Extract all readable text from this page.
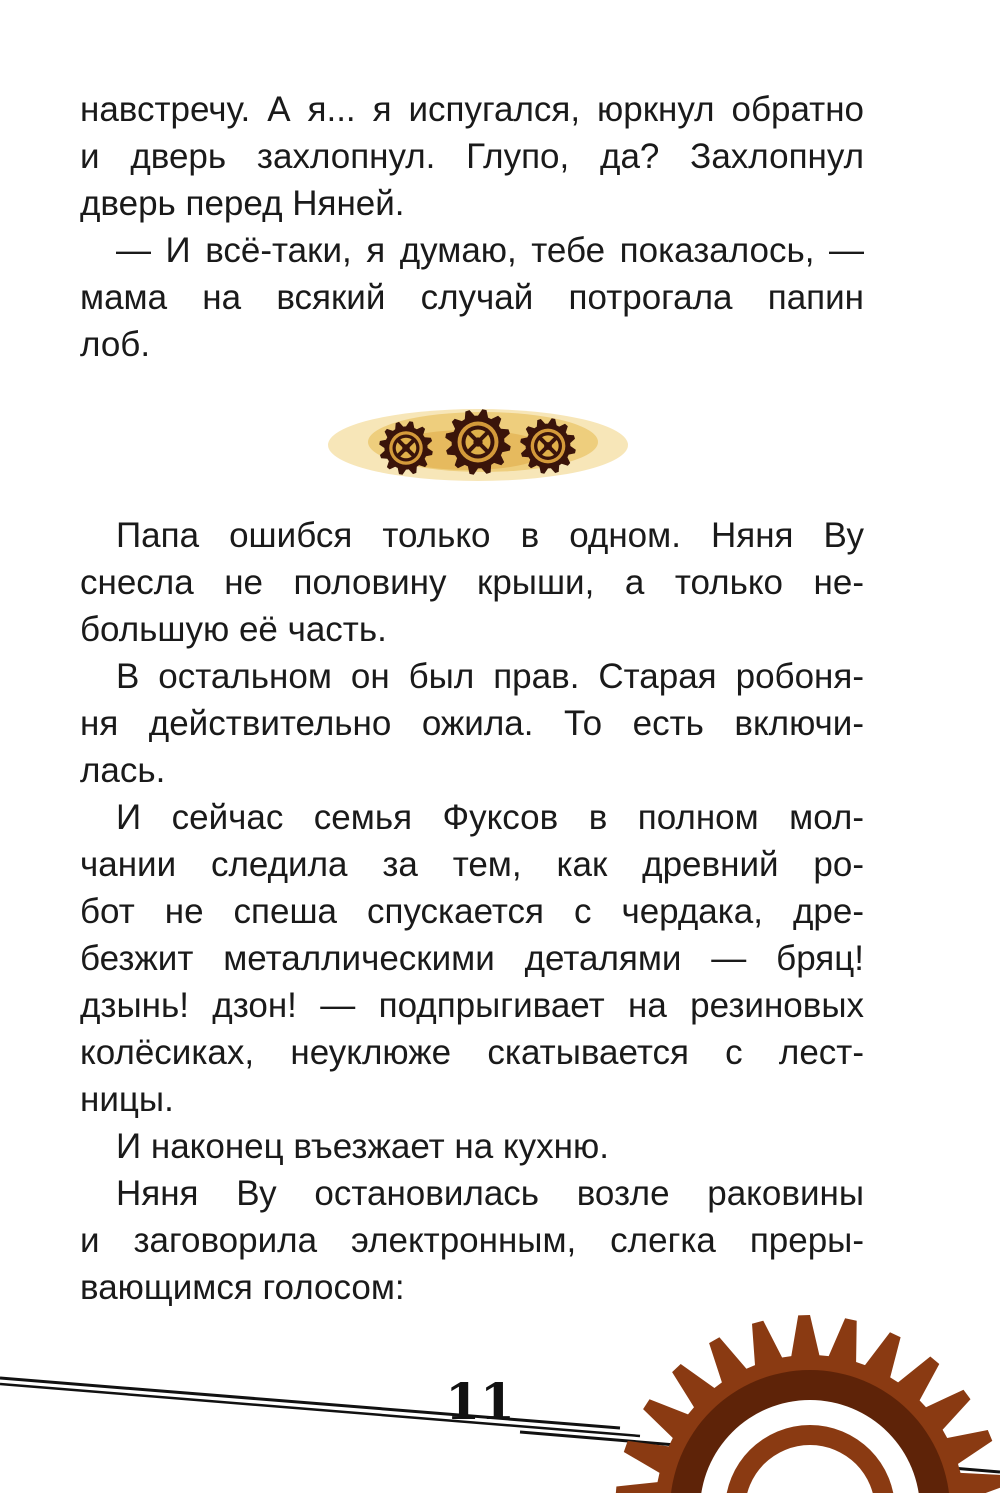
навстречу. А я... я испугался, юркнул обратно
и дверь захлопнул. Глупо, да? Захлопнул
дверь перед Няней.
— И всё-таки, я думаю, тебе показалось, —
мама на всякий случай потрогала папин
лоб.
Папа ошибся только в одном. Няня Ву
снесла не половину крыши, а только не-
большую её часть.
В остальном он был прав. Старая робоня-
ня действительно ожила. То есть включи-
лась.
И сейчас семья Фуксов в полном мол-
чании следила за тем, как древний ро-
бот не спеша спускается с чердака, дре-
безжит металлическими деталями — бряц!
дзынь! дзон! — подпрыгивает на резиновых
колёсиках, неуклюже скатывается с лест-
ницы.
И наконец въезжает на кухню.
Няня Ву остановилась возле раковины
и заговорила электронным, слегка преры-
вающимся голосом:
11
